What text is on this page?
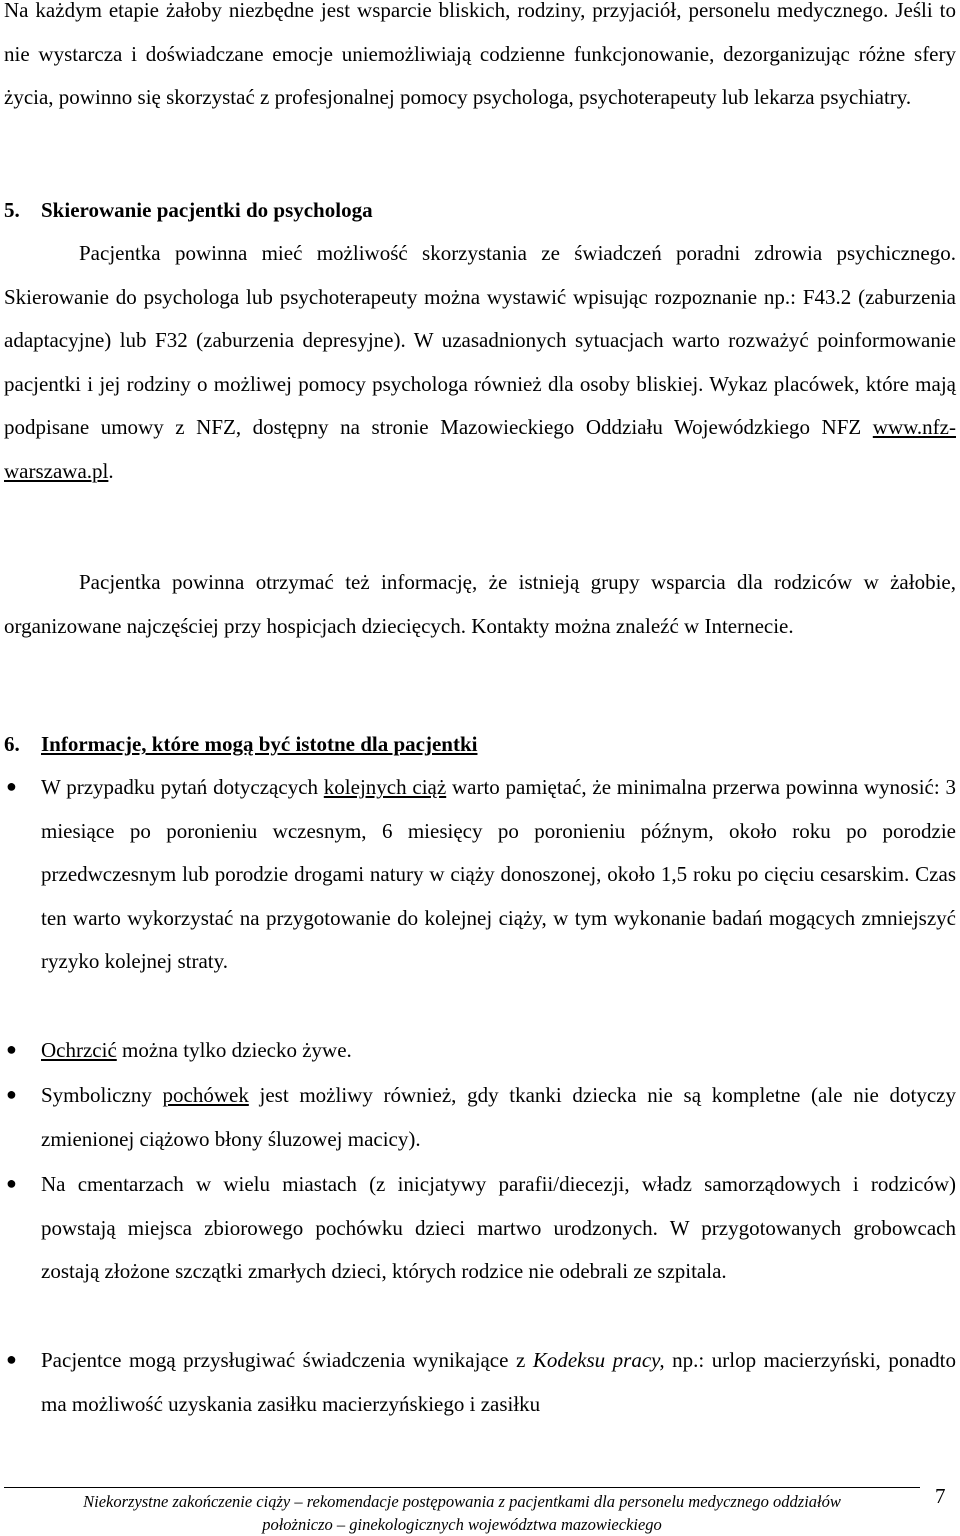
Na każdym etapie żałoby niezbędne jest wsparcie bliskich, rodziny, przyjaciół, personelu medycznego. Jeśli to nie wystarcza i doświadczane emocje uniemożliwiają codzienne funkcjonowanie, dezorganizując różne sfery życia, powinno się skorzystać z profesjonalnej pomocy psychologa, psychoterapeuty lub lekarza psychiatry.

5. Skierowanie pacjentki do psychologa

Pacjentka powinna mieć możliwość skorzystania ze świadczeń poradni zdrowia psychicznego. Skierowanie do psychologa lub psychoterapeuty można wystawić wpisując rozpoznanie np.: F43.2 (zaburzenia adaptacyjne) lub F32 (zaburzenia depresyjne). W uzasadnionych sytuacjach warto rozważyć poinformowanie pacjentki i jej rodziny o możliwej pomocy psychologa również dla osoby bliskiej. Wykaz placówek, które mają podpisane umowy z NFZ, dostępny na stronie Mazowieckiego Oddziału Wojewódzkiego NFZ www.nfz-warszawa.pl.

Pacjentka powinna otrzymać też informację, że istnieją grupy wsparcia dla rodziców w żałobie, organizowane najczęściej przy hospicjach dziecięcych. Kontakty można znaleźć w Internecie.

6. Informacje, które mogą być istotne dla pacjentki
● W przypadku pytań dotyczących kolejnych ciąż warto pamiętać, że minimalna przerwa powinna wynosić: 3 miesiące po poronieniu wczesnym, 6 miesięcy po poronieniu późnym, około roku po porodzie przedwczesnym lub porodzie drogami natury w ciąży donoszonej, około 1,5 roku po cięciu cesarskim. Czas ten warto wykorzystać na przygotowanie do kolejnej ciąży, w tym wykonanie badań mogących zmniejszyć ryzyko kolejnej straty.

● Ochrzcić można tylko dziecko żywe.

● Symboliczny pochówek jest możliwy również, gdy tkanki dziecka nie są kompletne (ale nie dotyczy zmienionej ciążowo błony śluzowej macicy).

● Na cmentarzach w wielu miastach (z inicjatywy parafii/diecezji, władz samorządowych i rodziców) powstają miejsca zbiorowego pochówku dzieci martwo urodzonych. W przygotowanych grobowcach zostają złożone szczątki zmarłych dzieci, których rodzice nie odebrali ze szpitala.

● Pacjentce mogą przysługiwać świadczenia wynikające z Kodeksu pracy, np.: urlop macierzyński, ponadto ma możliwość uzyskania zasiłku macierzyńskiego i zasiłku

Niekorzystne zakończenie ciąży – rekomendacje postępowania z pacjentkami dla personelu medycznego oddziałów
położniczo – ginekologicznych województwa mazowieckiego
7
